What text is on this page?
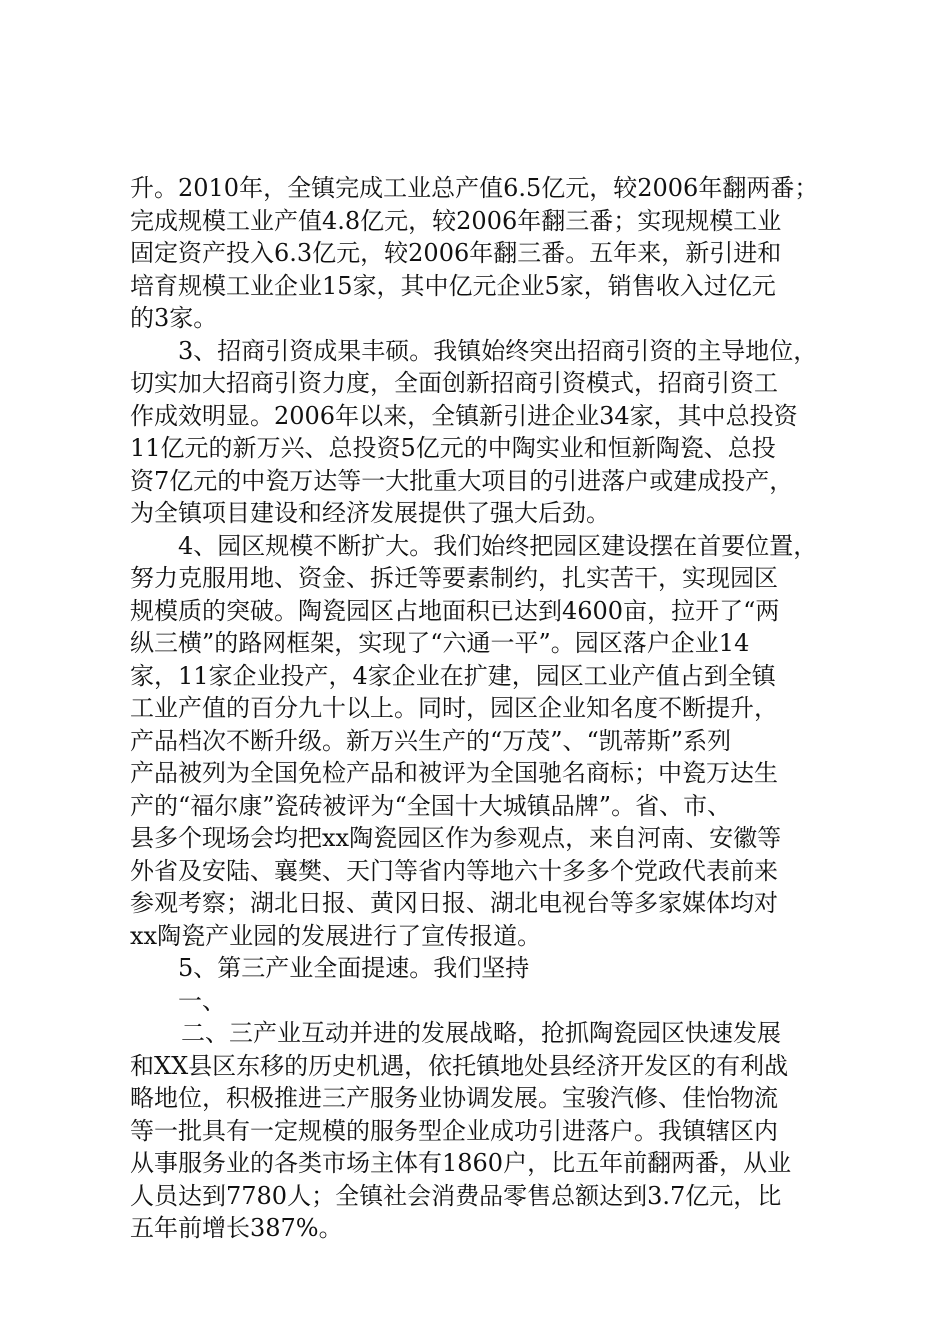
升。2010年，全镇完成工业总产值6.5亿元，较2006年翻两番；
完成规模工业产值4.8亿元，较2006年翻三番；实现规模工业
固定资产投入6.3亿元，较2006年翻三番。五年来，新引进和
培育规模工业企业15家，其中亿元企业5家，销售收入过亿元
的3家。
3、招商引资成果丰硕。我镇始终突出招商引资的主导地位，
切实加大招商引资力度，全面创新招商引资模式，招商引资工
作成效明显。2006年以来，全镇新引进企业34家，其中总投资
11亿元的新万兴、总投资5亿元的中陶实业和恒新陶瓷、总投
资7亿元的中瓷万达等一大批重大项目的引进落户或建成投产，
为全镇项目建设和经济发展提供了强大后劲。
4、园区规模不断扩大。我们始终把园区建设摆在首要位置，
努力克服用地、资金、拆迁等要素制约，扎实苦干，实现园区
规模质的突破。陶瓷园区占地面积已达到4600亩，拉开了“两
纵三横”的路网框架，实现了“六通一平”。园区落户企业14
家，11家企业投产，4家企业在扩建，园区工业产值占到全镇
工业产值的百分九十以上。同时，园区企业知名度不断提升，
产品档次不断升级。新万兴生产的“万茂”、“凯蒂斯”系列
产品被列为全国免检产品和被评为全国驰名商标；中瓷万达生
产的“福尔康”瓷砖被评为“全国十大城镇品牌”。省、市、
县多个现场会均把xx陶瓷园区作为参观点，来自河南、安徽等
外省及安陆、襄樊、天门等省内等地六十多多个党政代表前来
参观考察；湖北日报、黄冈日报、湖北电视台等多家媒体均对
xx陶瓷产业园的发展进行了宣传报道。
5、第三产业全面提速。我们坚持
一、
二、三产业互动并进的发展战略，抢抓陶瓷园区快速发展
和XX县区东移的历史机遇，依托镇地处县经济开发区的有利战
略地位，积极推进三产服务业协调发展。宝骏汽修、佳怡物流
等一批具有一定规模的服务型企业成功引进落户。我镇辖区内
从事服务业的各类市场主体有1860户，比五年前翻两番，从业
人员达到7780人；全镇社会消费品零售总额达到3.7亿元，比
五年前增长387%。
